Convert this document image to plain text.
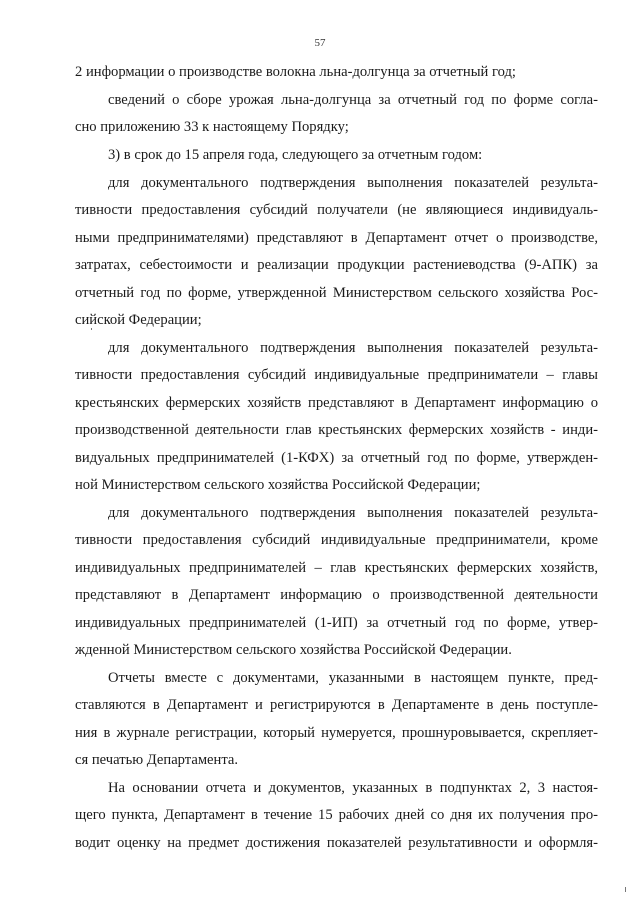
57
2 информации о производстве волокна льна-долгунца за отчетный год;
сведений о сборе урожая льна-долгунца за отчетный год по форме согла-
сно приложению 33 к настоящему Порядку;
3) в срок до 15 апреля года, следующего за отчетным годом:
для документального подтверждения выполнения показателей результа-
тивности предоставления субсидий получатели (не являющиеся индивидуаль-
ными предпринимателями) представляют в Департамент отчет о производстве,
затратах, себестоимости и реализации продукции растениеводства (9-АПК) за
отчетный год по форме, утвержденной Министерством сельского хозяйства Рос-
сийской Федерации;
для документального подтверждения выполнения показателей результа-
тивности предоставления субсидий индивидуальные предприниматели – главы
крестьянских фермерских хозяйств представляют в Департамент информацию о
производственной деятельности глав крестьянских фермерских хозяйств - инди-
видуальных предпринимателей (1-КФХ) за отчетный год по форме, утвержден-
ной Министерством сельского хозяйства Российской Федерации;
для документального подтверждения выполнения показателей результа-
тивности предоставления субсидий индивидуальные предприниматели, кроме
индивидуальных предпринимателей – глав крестьянских фермерских хозяйств,
представляют в Департамент информацию о производственной деятельности
индивидуальных предпринимателей (1-ИП) за отчетный год по форме, утвер-
жденной Министерством сельского хозяйства Российской Федерации.
Отчеты вместе с документами, указанными в настоящем пункте, пред-
ставляются в Департамент и регистрируются в Департаменте в день поступле-
ния в журнале регистрации, который нумеруется, прошнуровывается, скрепляет-
ся печатью Департамента.
На основании отчета и документов, указанных в подпунктах 2, 3 настоя-
щего пункта, Департамент в течение 15 рабочих дней со дня их получения про-
водит оценку на предмет достижения показателей результативности и оформля-
